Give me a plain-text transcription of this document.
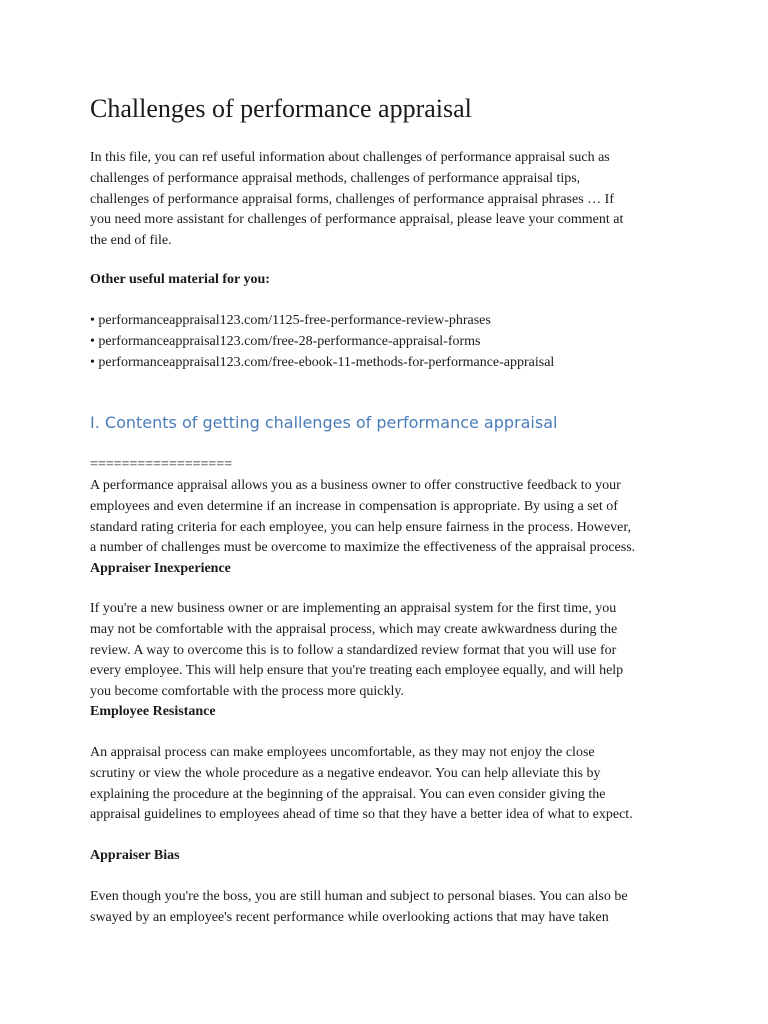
Challenges of performance appraisal

In this file, you can ref useful information about challenges of performance appraisal such as
challenges of performance appraisal methods, challenges of performance appraisal tips,
challenges of performance appraisal forms, challenges of performance appraisal phrases … If
you need more assistant for challenges of performance appraisal, please leave your comment at
the end of file.

Other useful material for you:

• performanceappraisal123.com/1125-free-performance-review-phrases
• performanceappraisal123.com/free-28-performance-appraisal-forms
• performanceappraisal123.com/free-ebook-11-methods-for-performance-appraisal

I. Contents of getting challenges of performance appraisal

==================

A performance appraisal allows you as a business owner to offer constructive feedback to your
employees and even determine if an increase in compensation is appropriate. By using a set of
standard rating criteria for each employee, you can help ensure fairness in the process. However,
a number of challenges must be overcome to maximize the effectiveness of the appraisal process.

Appraiser Inexperience

If you're a new business owner or are implementing an appraisal system for the first time, you
may not be comfortable with the appraisal process, which may create awkwardness during the
review. A way to overcome this is to follow a standardized review format that you will use for
every employee. This will help ensure that you're treating each employee equally, and will help
you become comfortable with the process more quickly.

Employee Resistance

An appraisal process can make employees uncomfortable, as they may not enjoy the close
scrutiny or view the whole procedure as a negative endeavor. You can help alleviate this by
explaining the procedure at the beginning of the appraisal. You can even consider giving the
appraisal guidelines to employees ahead of time so that they have a better idea of what to expect.

Appraiser Bias

Even though you're the boss, you are still human and subject to personal biases. You can also be
swayed by an employee's recent performance while overlooking actions that may have taken
